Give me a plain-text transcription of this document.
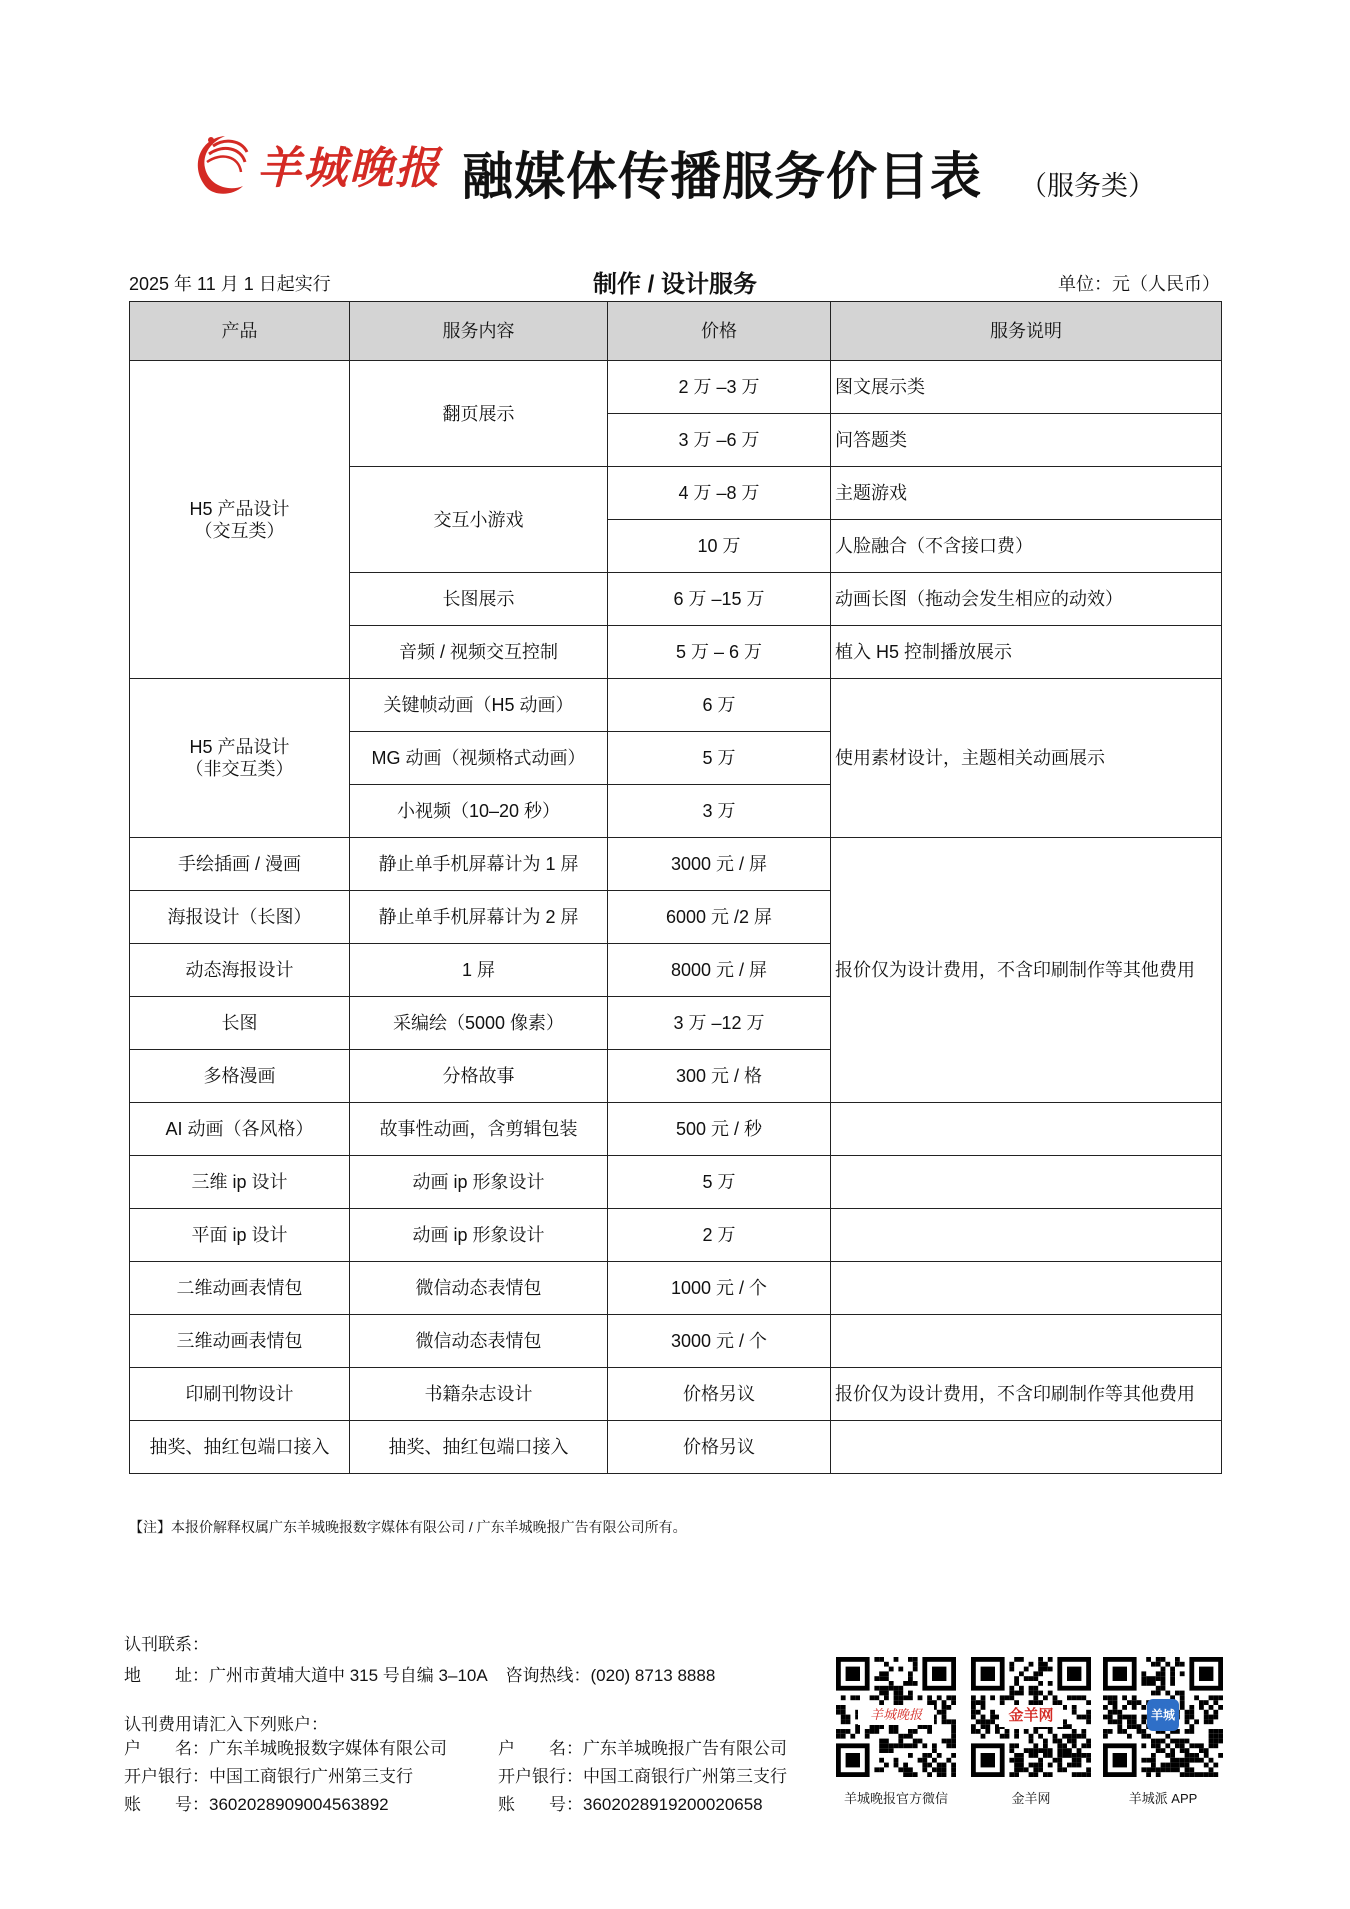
羊城晚报 融媒体传播服务价目表 （服务类）
2025 年 11 月 1 日起实行	制作 / 设计服务	单位：元（人民币）
产品	服务内容	价格	服务说明
H5 产品设计
（交互类）	翻页展示	2 万 –3 万	图文展示类
		3 万 –6 万	问答题类
	交互小游戏	4 万 –8 万	主题游戏
		10 万	人脸融合（不含接口费）
	长图展示	6 万 –15 万	动画长图（拖动会发生相应的动效）
	音频 / 视频交互控制	5 万 – 6 万	植入 H5 控制播放展示
H5 产品设计
（非交互类）	关键帧动画（H5 动画）	6 万	使用素材设计，主题相关动画展示
	MG 动画（视频格式动画）	5 万	
	小视频（10–20 秒）	3 万	
手绘插画 / 漫画	静止单手机屏幕计为 1 屏	3000 元 / 屏	报价仅为设计费用，不含印刷制作等其他费用
海报设计（长图）	静止单手机屏幕计为 2 屏	6000 元 /2 屏	
动态海报设计	1 屏	8000 元 / 屏	
长图	采编绘（5000 像素）	3 万 –12 万	
多格漫画	分格故事	300 元 / 格	
AI 动画（各风格）	故事性动画，含剪辑包装	500 元 / 秒	
三维 ip 设计	动画 ip 形象设计	5 万	
平面 ip 设计	动画 ip 形象设计	2 万	
二维动画表情包	微信动态表情包	1000 元 / 个	
三维动画表情包	微信动态表情包	3000 元 / 个	
印刷刊物设计	书籍杂志设计	价格另议	报价仅为设计费用，不含印刷制作等其他费用
抽奖、抽红包端口接入	抽奖、抽红包端口接入	价格另议	
【注】本报价解释权属广东羊城晚报数字媒体有限公司 / 广东羊城晚报广告有限公司所有。
认刊联系：
地　　址：广州市黄埔大道中 315 号自编 3–10A 咨询热线：(020) 8713 8888
认刊费用请汇入下列账户：
户　　名：广东羊城晚报数字媒体有限公司
开户银行：中国工商银行广州第三支行
账　　号：3602028909004563892
户　　名：广东羊城晚报广告有限公司
开户银行：中国工商银行广州第三支行
账　　号：3602028919200020658
羊城晚报
羊城晚报官方微信
金羊网
金羊网
羊城
羊城派 APP
